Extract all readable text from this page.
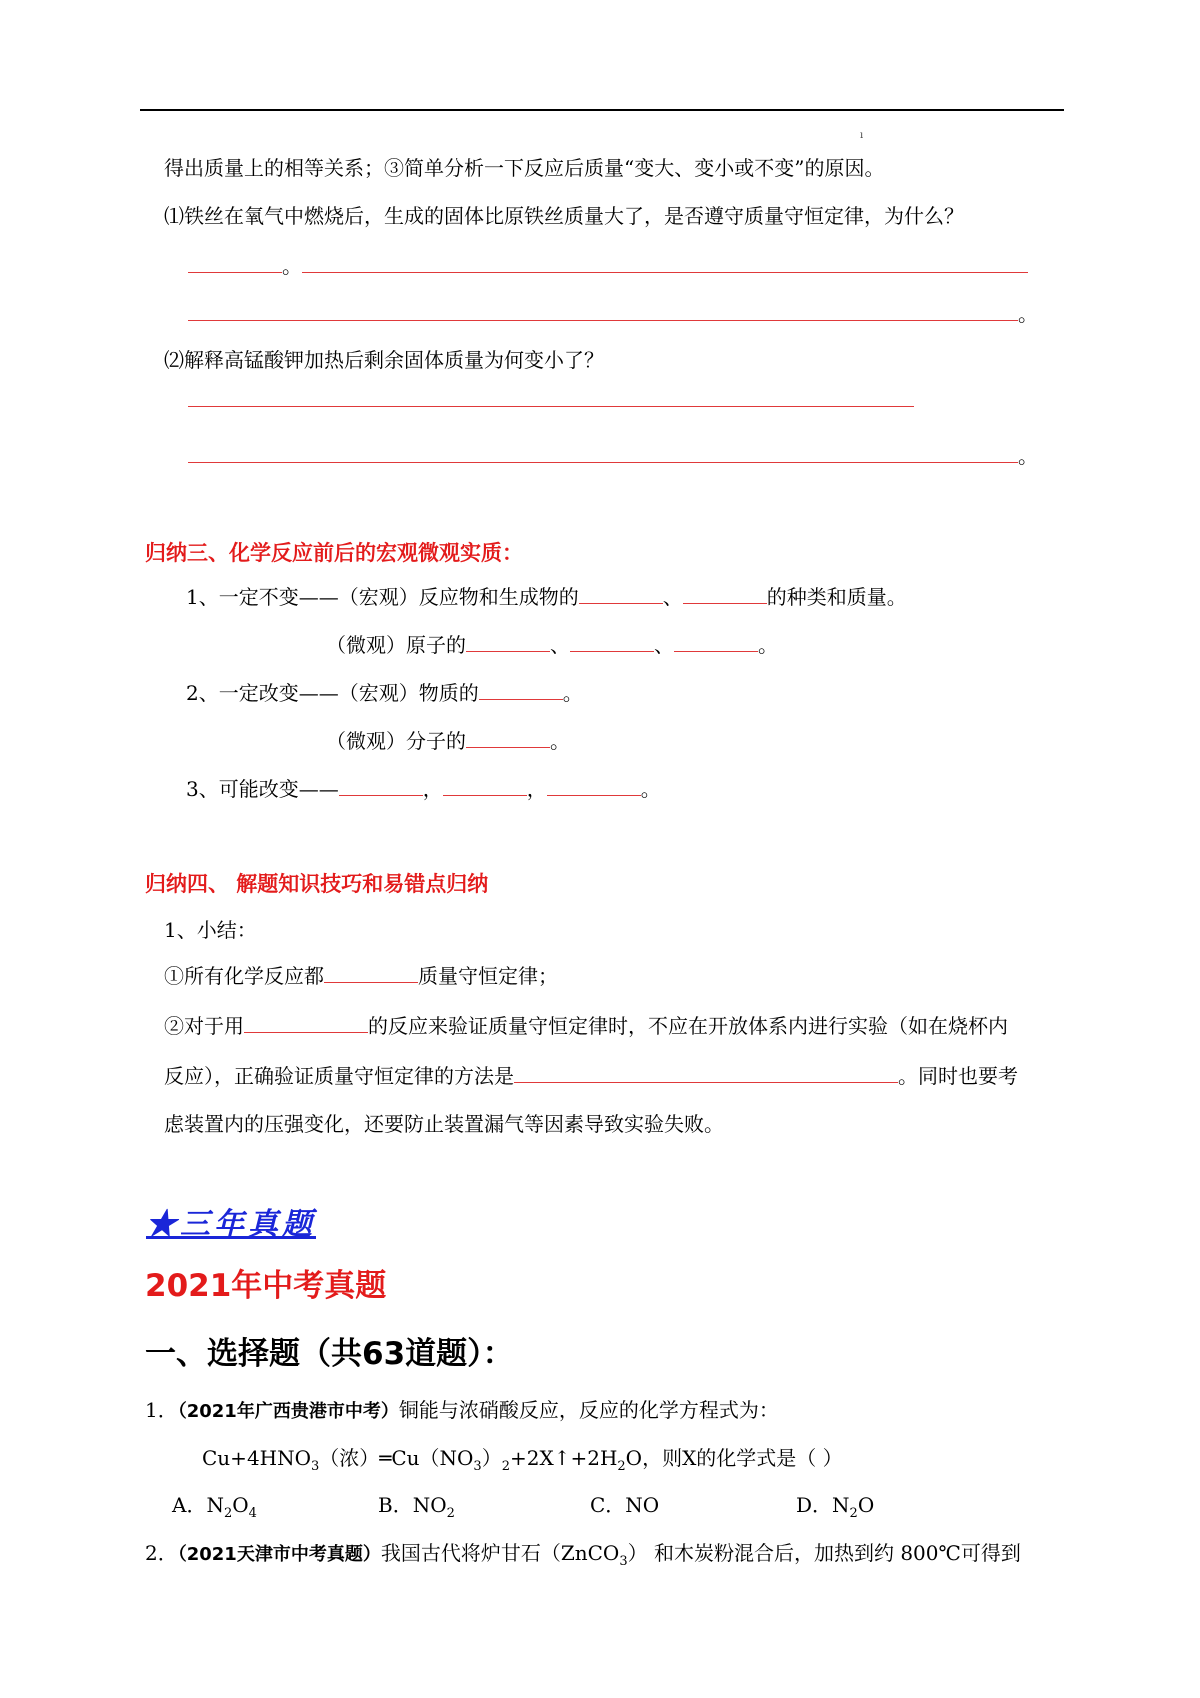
ı
得出质量上的相等关系；③简单分析一下反应后质量“变大、变小或不变”的原因。
⑴铁丝在氧气中燃烧后，生成的固体比原铁丝质量大了，是否遵守质量守恒定律，为什么？
。
。
⑵解释高锰酸钾加热后剩余固体质量为何变小了？
。
归纳三、化学反应前后的宏观微观实质：
1、一定不变——（宏观）反应物和生成物的	、	的种类和质量。
（微观）原子的	、	、	。
2、一定改变——（宏观）物质的	。
（微观）分子的	。
3、可能改变——	，	，	。
归纳四、 解题知识技巧和易错点归纳
1、小结：
①所有化学反应都	质量守恒定律；
②对于用	的反应来验证质量守恒定律时，不应在开放体系内进行实验（如在烧杯内
反应），正确验证质量守恒定律的方法是	。同时也要考
虑装置内的压强变化，还要防止装置漏气等因素导致实验失败。
★三年真题
2021年中考真题
一、选择题（共63道题）：
1．（2021年广西贵港市中考）铜能与浓硝酸反应，反应的化学方程式为：
$Cu+4HNO_3$（浓）$═Cu(NO_3)_2+2X↑+2H_2O$，则X的化学式是（ ）
A．$N_2O_4$	B．$NO_2$	C．NO	D．$N_2O$
2．（2021天津市中考真题）我国古代将炉甘石（ZnCO$_3$） 和木炭粉混合后，加热到约 800℃可得到
